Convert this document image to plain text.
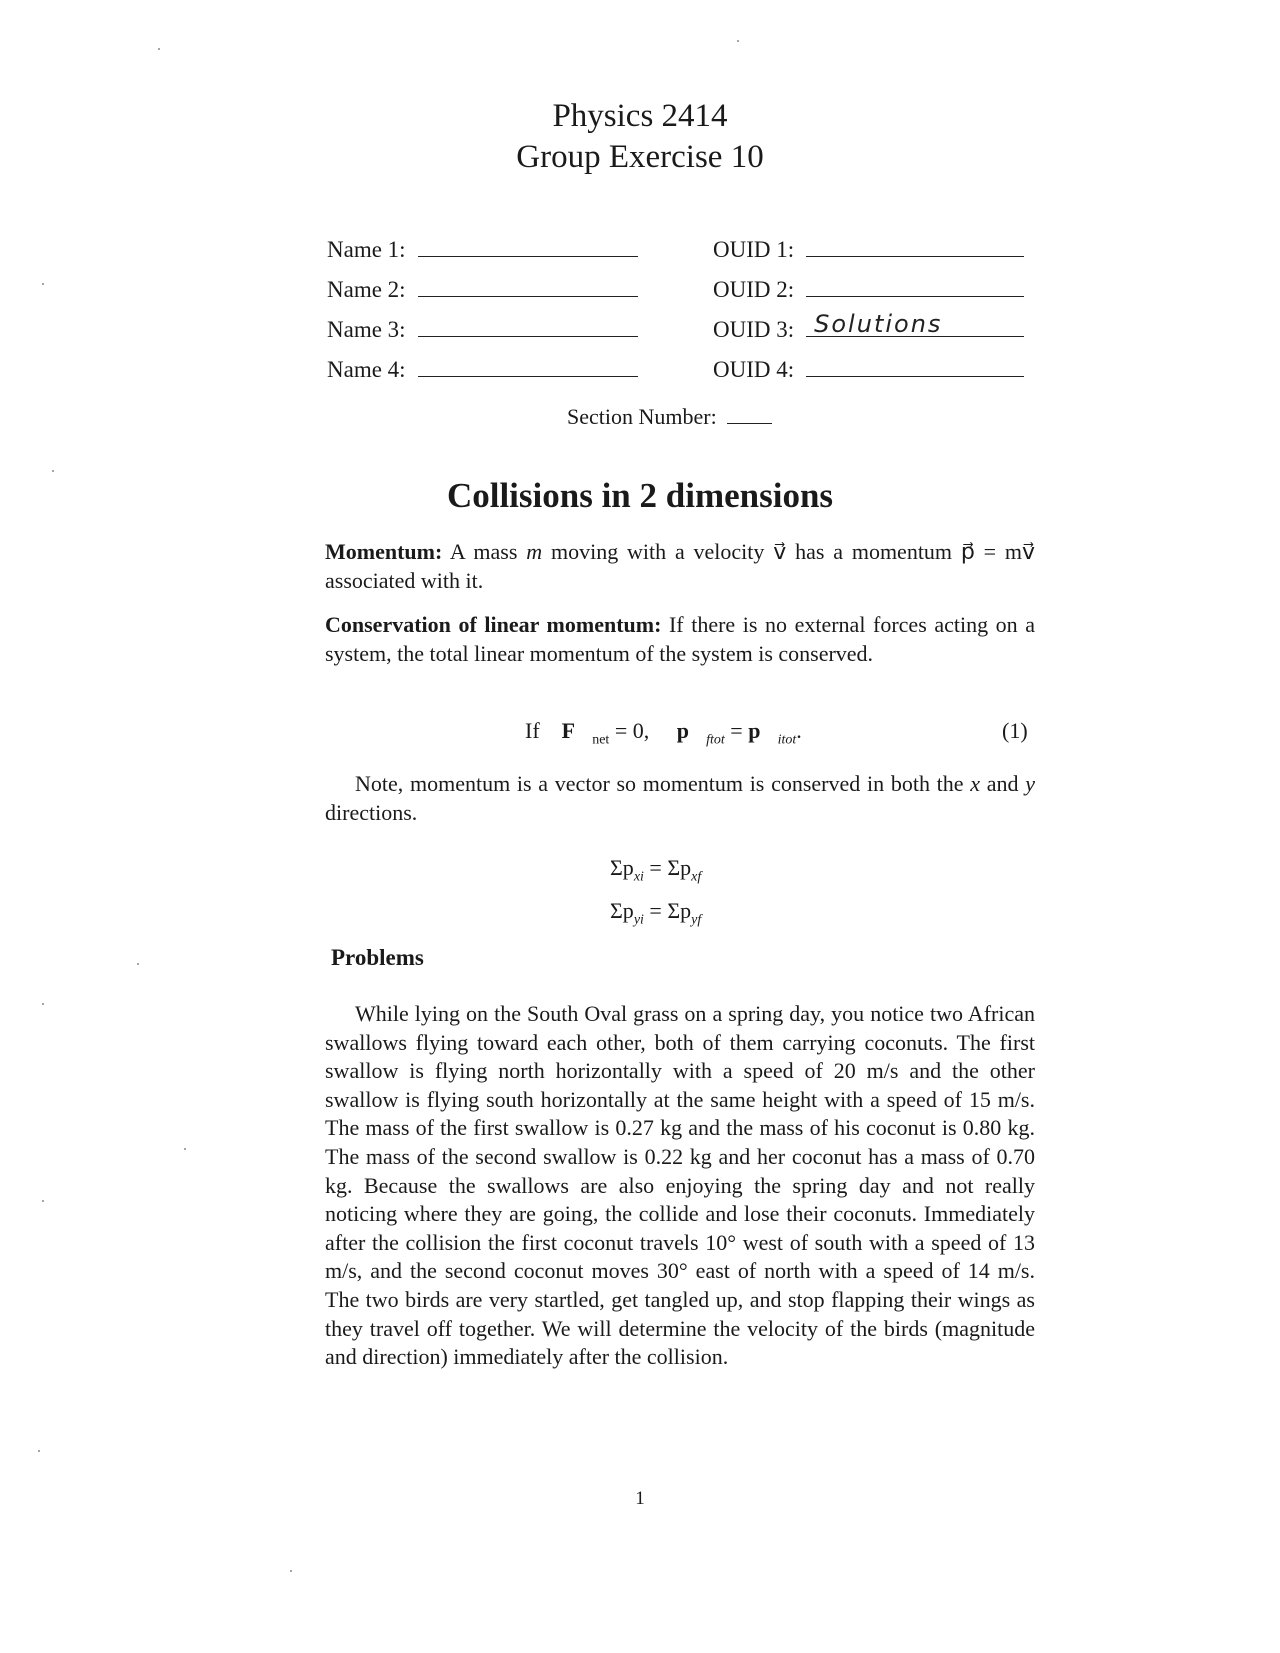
Physics 2414
Group Exercise 10
Name 1:
Name 2:
Name 3:
Name 4:
OUID 1:
OUID 2:
OUID 3: Solutions
OUID 4:
Section Number:
Collisions in 2 dimensions
Momentum: A mass m moving with a velocity v⃗ has a momentum p⃗ = mv⃗ associated with it.
Conservation of linear momentum: If there is no external forces acting on a system, the total linear momentum of the system is conserved.
If $F⃗_{net} = 0$, $p⃗_{ftot}$ = $p⃗_{itot}$.	(1)
Note, momentum is a vector so momentum is conserved in both the x and y directions.
$\Sigma p_{xi} = \Sigma p_{xf}$
$\Sigma p_{yi} = \Sigma p_{yf}$
Problems
While lying on the South Oval grass on a spring day, you notice two African swallows flying toward each other, both of them carrying coconuts. The first swallow is flying north horizontally with a speed of 20 m/s and the other swallow is flying south horizontally at the same height with a speed of 15 m/s. The mass of the first swallow is 0.27 kg and the mass of his coconut is 0.80 kg. The mass of the second swallow is 0.22 kg and her coconut has a mass of 0.70 kg. Because the swallows are also enjoying the spring day and not really noticing where they are going, the collide and lose their coconuts. Immediately after the collision the first coconut travels 10° west of south with a speed of 13 m/s, and the second coconut moves 30° east of north with a speed of 14 m/s. The two birds are very startled, get tangled up, and stop flapping their wings as they travel off together. We will determine the velocity of the birds (magnitude and direction) immediately after the collision.
1
